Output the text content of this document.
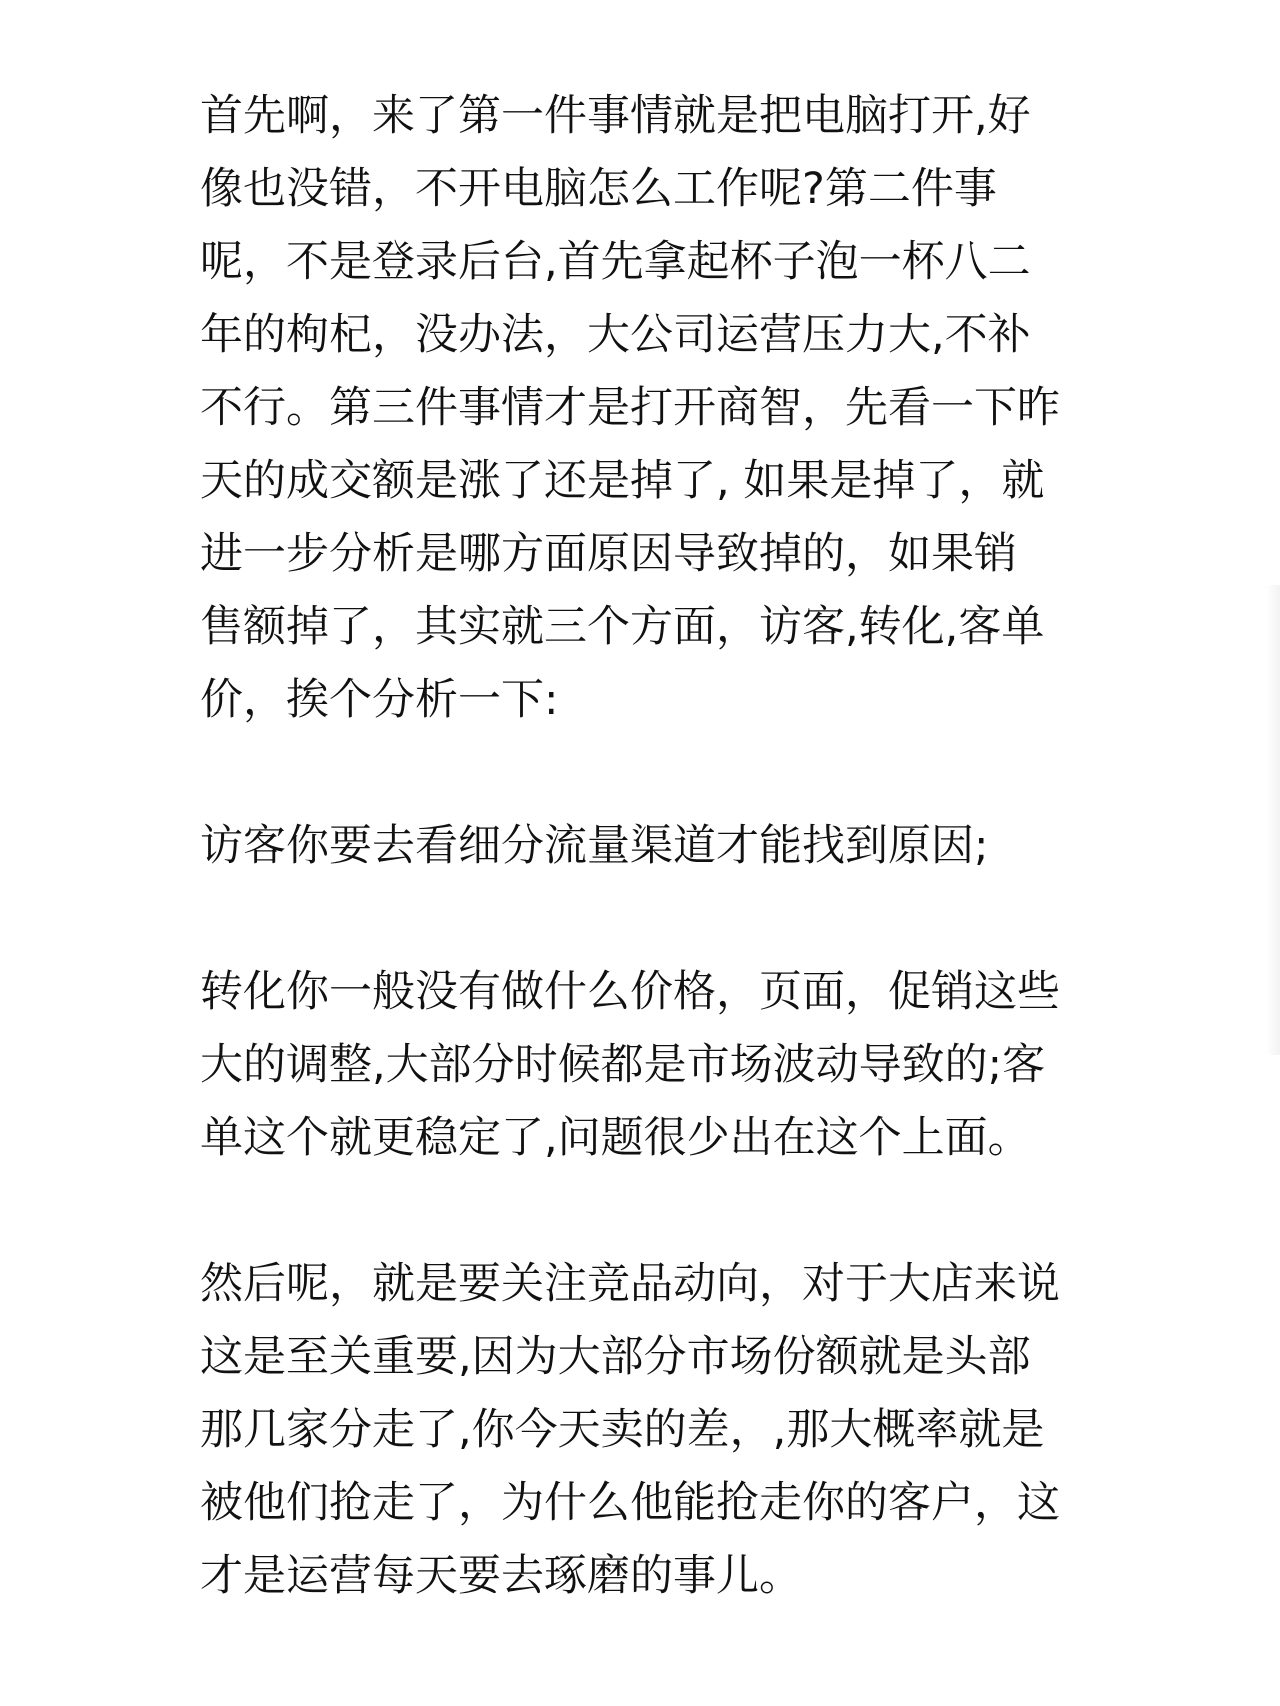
首先啊，来了第一件事情就是把电脑打开,好
像也没错，不开电脑怎么工作呢?第二件事
呢，不是登录后台,首先拿起杯子泡一杯八二
年的枸杞，没办法，大公司运营压力大,不补
不行。第三件事情才是打开商智，先看一下昨
天的成交额是涨了还是掉了, 如果是掉了，就
进一步分析是哪方面原因导致掉的，如果销
售额掉了，其实就三个方面，访客,转化,客单
价，挨个分析一下:
访客你要去看细分流量渠道才能找到原因;
转化你一般没有做什么价格，页面，促销这些
大的调整,大部分时候都是市场波动导致的;客
单这个就更稳定了,问题很少出在这个上面。
然后呢，就是要关注竞品动向，对于大店来说
这是至关重要,因为大部分市场份额就是头部
那几家分走了,你今天卖的差，,那大概率就是
被他们抢走了，为什么他能抢走你的客户，这
才是运营每天要去琢磨的事儿。
